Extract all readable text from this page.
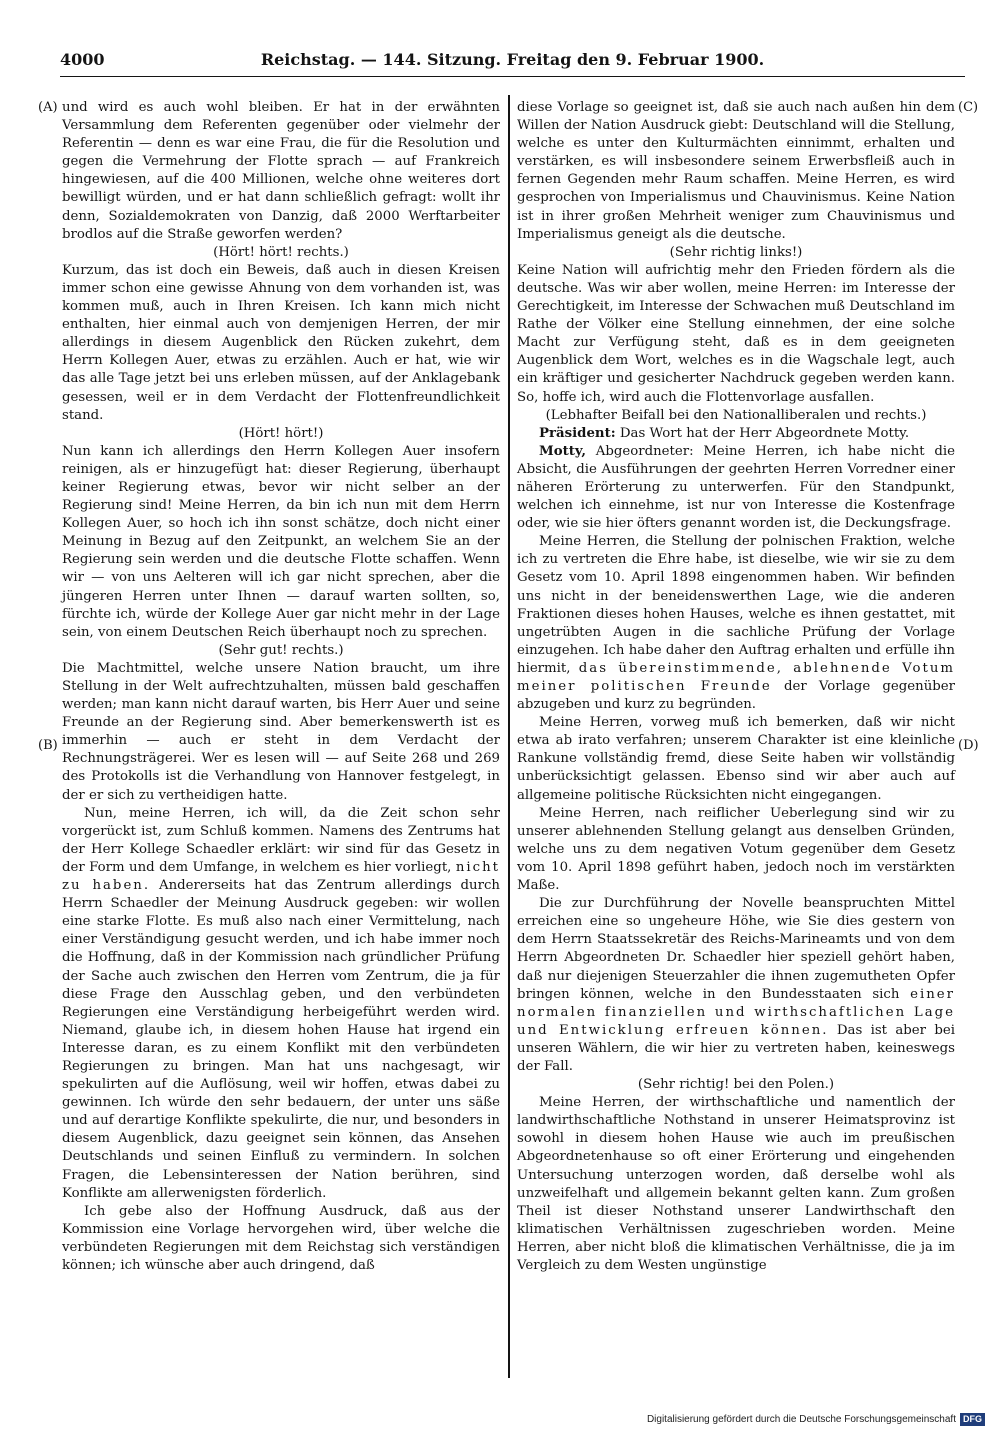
4000	Reichstag. — 144. Sitzung. Freitag den 9. Februar 1900.
(A)
(B)
(C)
(D)

und wird es auch wohl bleiben. Er hat in der erwähnten Versammlung dem Referenten gegenüber oder vielmehr der Referentin — denn es war eine Frau, die für die Resolution und gegen die Vermehrung der Flotte sprach — auf Frankreich hingewiesen, auf die 400 Millionen, welche ohne weiteres dort bewilligt würden, und er hat dann schließlich gefragt: wollt ihr denn, Sozialdemokraten von Danzig, daß 2000 Werftarbeiter brodlos auf die Straße geworfen werden?

(Hört! hört! rechts.)

Kurzum, das ist doch ein Beweis, daß auch in diesen Kreisen immer schon eine gewisse Ahnung von dem vorhanden ist, was kommen muß, auch in Ihren Kreisen. Ich kann mich nicht enthalten, hier einmal auch von demjenigen Herren, der mir allerdings in diesem Augenblick den Rücken zukehrt, dem Herrn Kollegen Auer, etwas zu erzählen. Auch er hat, wie wir das alle Tage jetzt bei uns erleben müssen, auf der Anklagebank gesessen, weil er in dem Verdacht der Flottenfreundlichkeit stand.

(Hört! hört!)

Nun kann ich allerdings den Herrn Kollegen Auer insofern reinigen, als er hinzugefügt hat: dieser Regierung, überhaupt keiner Regierung etwas, bevor wir nicht selber an der Regierung sind! Meine Herren, da bin ich nun mit dem Herrn Kollegen Auer, so hoch ich ihn sonst schätze, doch nicht einer Meinung in Bezug auf den Zeitpunkt, an welchem Sie an der Regierung sein werden und die deutsche Flotte schaffen. Wenn wir — von uns Aelteren will ich gar nicht sprechen, aber die jüngeren Herren unter Ihnen — darauf warten sollten, so, fürchte ich, würde der Kollege Auer gar nicht mehr in der Lage sein, von einem Deutschen Reich überhaupt noch zu sprechen.

(Sehr gut! rechts.)

Die Machtmittel, welche unsere Nation braucht, um ihre Stellung in der Welt aufrechtzuhalten, müssen bald geschaffen werden; man kann nicht darauf warten, bis Herr Auer und seine Freunde an der Regierung sind. Aber bemerkenswerth ist es immerhin — auch er steht in dem Verdacht der Rechnungsträgerei. Wer es lesen will — auf Seite 268 und 269 des Protokolls ist die Verhandlung von Hannover festgelegt, in der er sich zu vertheidigen hatte.

Nun, meine Herren, ich will, da die Zeit schon sehr vorgerückt ist, zum Schluß kommen. Namens des Zentrums hat der Herr Kollege Schaedler erklärt: wir sind für das Gesetz in der Form und dem Umfange, in welchem es hier vorliegt, nicht zu haben. Andererseits hat das Zentrum allerdings durch Herrn Schaedler der Meinung Ausdruck gegeben: wir wollen eine starke Flotte. Es muß also nach einer Vermittelung, nach einer Verständigung gesucht werden, und ich habe immer noch die Hoffnung, daß in der Kommission nach gründlicher Prüfung der Sache auch zwischen den Herren vom Zentrum, die ja für diese Frage den Ausschlag geben, und den verbündeten Regierungen eine Verständigung herbeigeführt werden wird. Niemand, glaube ich, in diesem hohen Hause hat irgend ein Interesse daran, es zu einem Konflikt mit den verbündeten Regierungen zu bringen. Man hat uns nachgesagt, wir spekulirten auf die Auflösung, weil wir hoffen, etwas dabei zu gewinnen. Ich würde den sehr bedauern, der unter uns säße und auf derartige Konflikte spekulirte, die nur, und besonders in diesem Augenblick, dazu geeignet sein können, das Ansehen Deutschlands und seinen Einfluß zu vermindern. In solchen Fragen, die Lebensinteressen der Nation berühren, sind Konflikte am allerwenigsten förderlich.

Ich gebe also der Hoffnung Ausdruck, daß aus der Kommission eine Vorlage hervorgehen wird, über welche die verbündeten Regierungen mit dem Reichstag sich verständigen können; ich wünsche aber auch dringend, daß

diese Vorlage so geeignet ist, daß sie auch nach außen hin dem Willen der Nation Ausdruck giebt: Deutschland will die Stellung, welche es unter den Kulturmächten einnimmt, erhalten und verstärken, es will insbesondere seinem Erwerbsfleiß auch in fernen Gegenden mehr Raum schaffen. Meine Herren, es wird gesprochen von Imperialismus und Chauvinismus. Keine Nation ist in ihrer großen Mehrheit weniger zum Chauvinismus und Imperialismus geneigt als die deutsche.

(Sehr richtig links!)

Keine Nation will aufrichtig mehr den Frieden fördern als die deutsche. Was wir aber wollen, meine Herren: im Interesse der Gerechtigkeit, im Interesse der Schwachen muß Deutschland im Rathe der Völker eine Stellung einnehmen, der eine solche Macht zur Verfügung steht, daß es in dem geeigneten Augenblick dem Wort, welches es in die Wagschale legt, auch ein kräftiger und gesicherter Nachdruck gegeben werden kann. So, hoffe ich, wird auch die Flottenvorlage ausfallen.

(Lebhafter Beifall bei den Nationalliberalen und rechts.)

Präsident: Das Wort hat der Herr Abgeordnete Motty.

Motty, Abgeordneter: Meine Herren, ich habe nicht die Absicht, die Ausführungen der geehrten Herren Vorredner einer näheren Erörterung zu unterwerfen. Für den Standpunkt, welchen ich einnehme, ist nur von Interesse die Kostenfrage oder, wie sie hier öfters genannt worden ist, die Deckungsfrage.

Meine Herren, die Stellung der polnischen Fraktion, welche ich zu vertreten die Ehre habe, ist dieselbe, wie wir sie zu dem Gesetz vom 10. April 1898 eingenommen haben. Wir befinden uns nicht in der beneidenswerthen Lage, wie die anderen Fraktionen dieses hohen Hauses, welche es ihnen gestattet, mit ungetrübten Augen in die sachliche Prüfung der Vorlage einzugehen. Ich habe daher den Auftrag erhalten und erfülle ihn hiermit, das übereinstimmende, ablehnende Votum meiner politischen Freunde der Vorlage gegenüber abzugeben und kurz zu begründen.

Meine Herren, vorweg muß ich bemerken, daß wir nicht etwa ab irato verfahren; unserem Charakter ist eine kleinliche Rankune vollständig fremd, diese Seite haben wir vollständig unberücksichtigt gelassen. Ebenso sind wir aber auch auf allgemeine politische Rücksichten nicht eingegangen.

Meine Herren, nach reiflicher Ueberlegung sind wir zu unserer ablehnenden Stellung gelangt aus denselben Gründen, welche uns zu dem negativen Votum gegenüber dem Gesetz vom 10. April 1898 geführt haben, jedoch noch im verstärkten Maße.

Die zur Durchführung der Novelle beanspruchten Mittel erreichen eine so ungeheure Höhe, wie Sie dies gestern von dem Herrn Staatssekretär des Reichs-Marineamts und von dem Herrn Abgeordneten Dr. Schaedler hier speziell gehört haben, daß nur diejenigen Steuerzahler die ihnen zugemutheten Opfer bringen können, welche in den Bundesstaaten sich einer normalen finanziellen und wirthschaftlichen Lage und Entwicklung erfreuen können. Das ist aber bei unseren Wählern, die wir hier zu vertreten haben, keineswegs der Fall.

(Sehr richtig! bei den Polen.)

Meine Herren, der wirthschaftliche und namentlich der landwirthschaftliche Nothstand in unserer Heimatsprovinz ist sowohl in diesem hohen Hause wie auch im preußischen Abgeordnetenhause so oft einer Erörterung und eingehenden Untersuchung unterzogen worden, daß derselbe wohl als unzweifelhaft und allgemein bekannt gelten kann. Zum großen Theil ist dieser Nothstand unserer Landwirthschaft den klimatischen Verhältnissen zugeschrieben worden. Meine Herren, aber nicht bloß die klimatischen Verhältnisse, die ja im Vergleich zu dem Westen ungünstige

Digitalisierung gefördert durch die Deutsche Forschungsgemeinschaft DFG
